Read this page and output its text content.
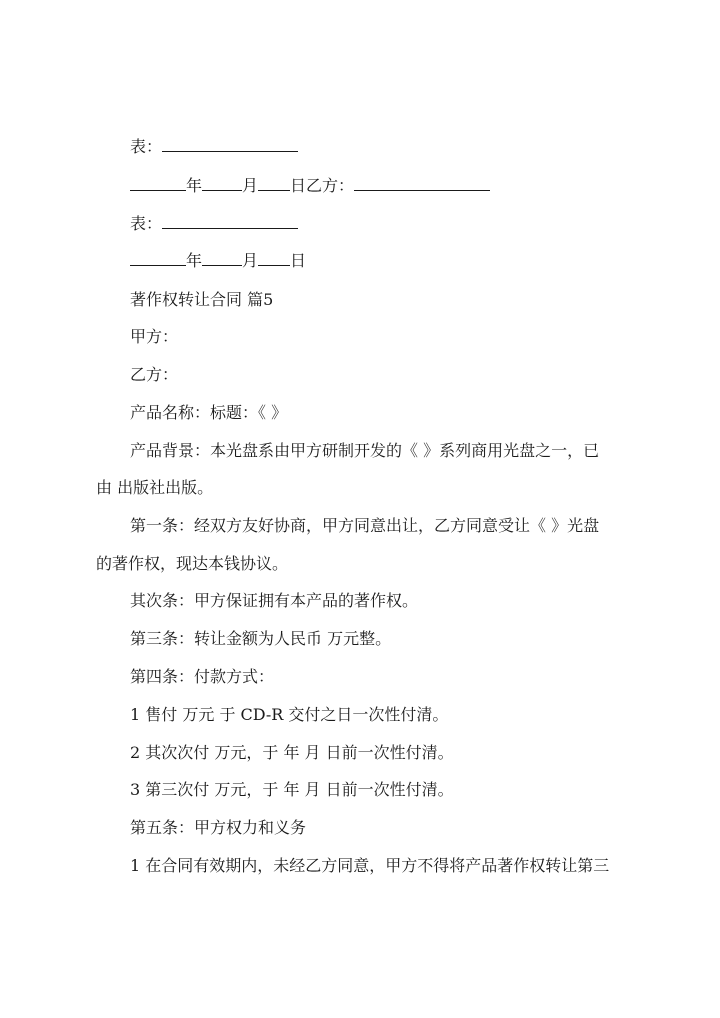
表：
年	月 日乙方：
表：
年	月 日
著作权转让合同 篇5
甲方：
乙方：
产品名称：标题：《 》
产品背景：本光盘系由甲方研制开发的《 》系列商用光盘之一，已
由 出版社出版。
第一条：经双方友好协商，甲方同意出让，乙方同意受让《 》光盘
的著作权，现达本钱协议。
其次条：甲方保证拥有本产品的著作权。
第三条：转让金额为人民币 万元整。
第四条：付款方式：
1 售付 万元 于 CD-R 交付之日一次性付清。
2 其次次付 万元，于 年 月 日前一次性付清。
3 第三次付 万元，于 年 月 日前一次性付清。
第五条：甲方权力和义务
1 在合同有效期内，未经乙方同意，甲方不得将产品著作权转让第三
